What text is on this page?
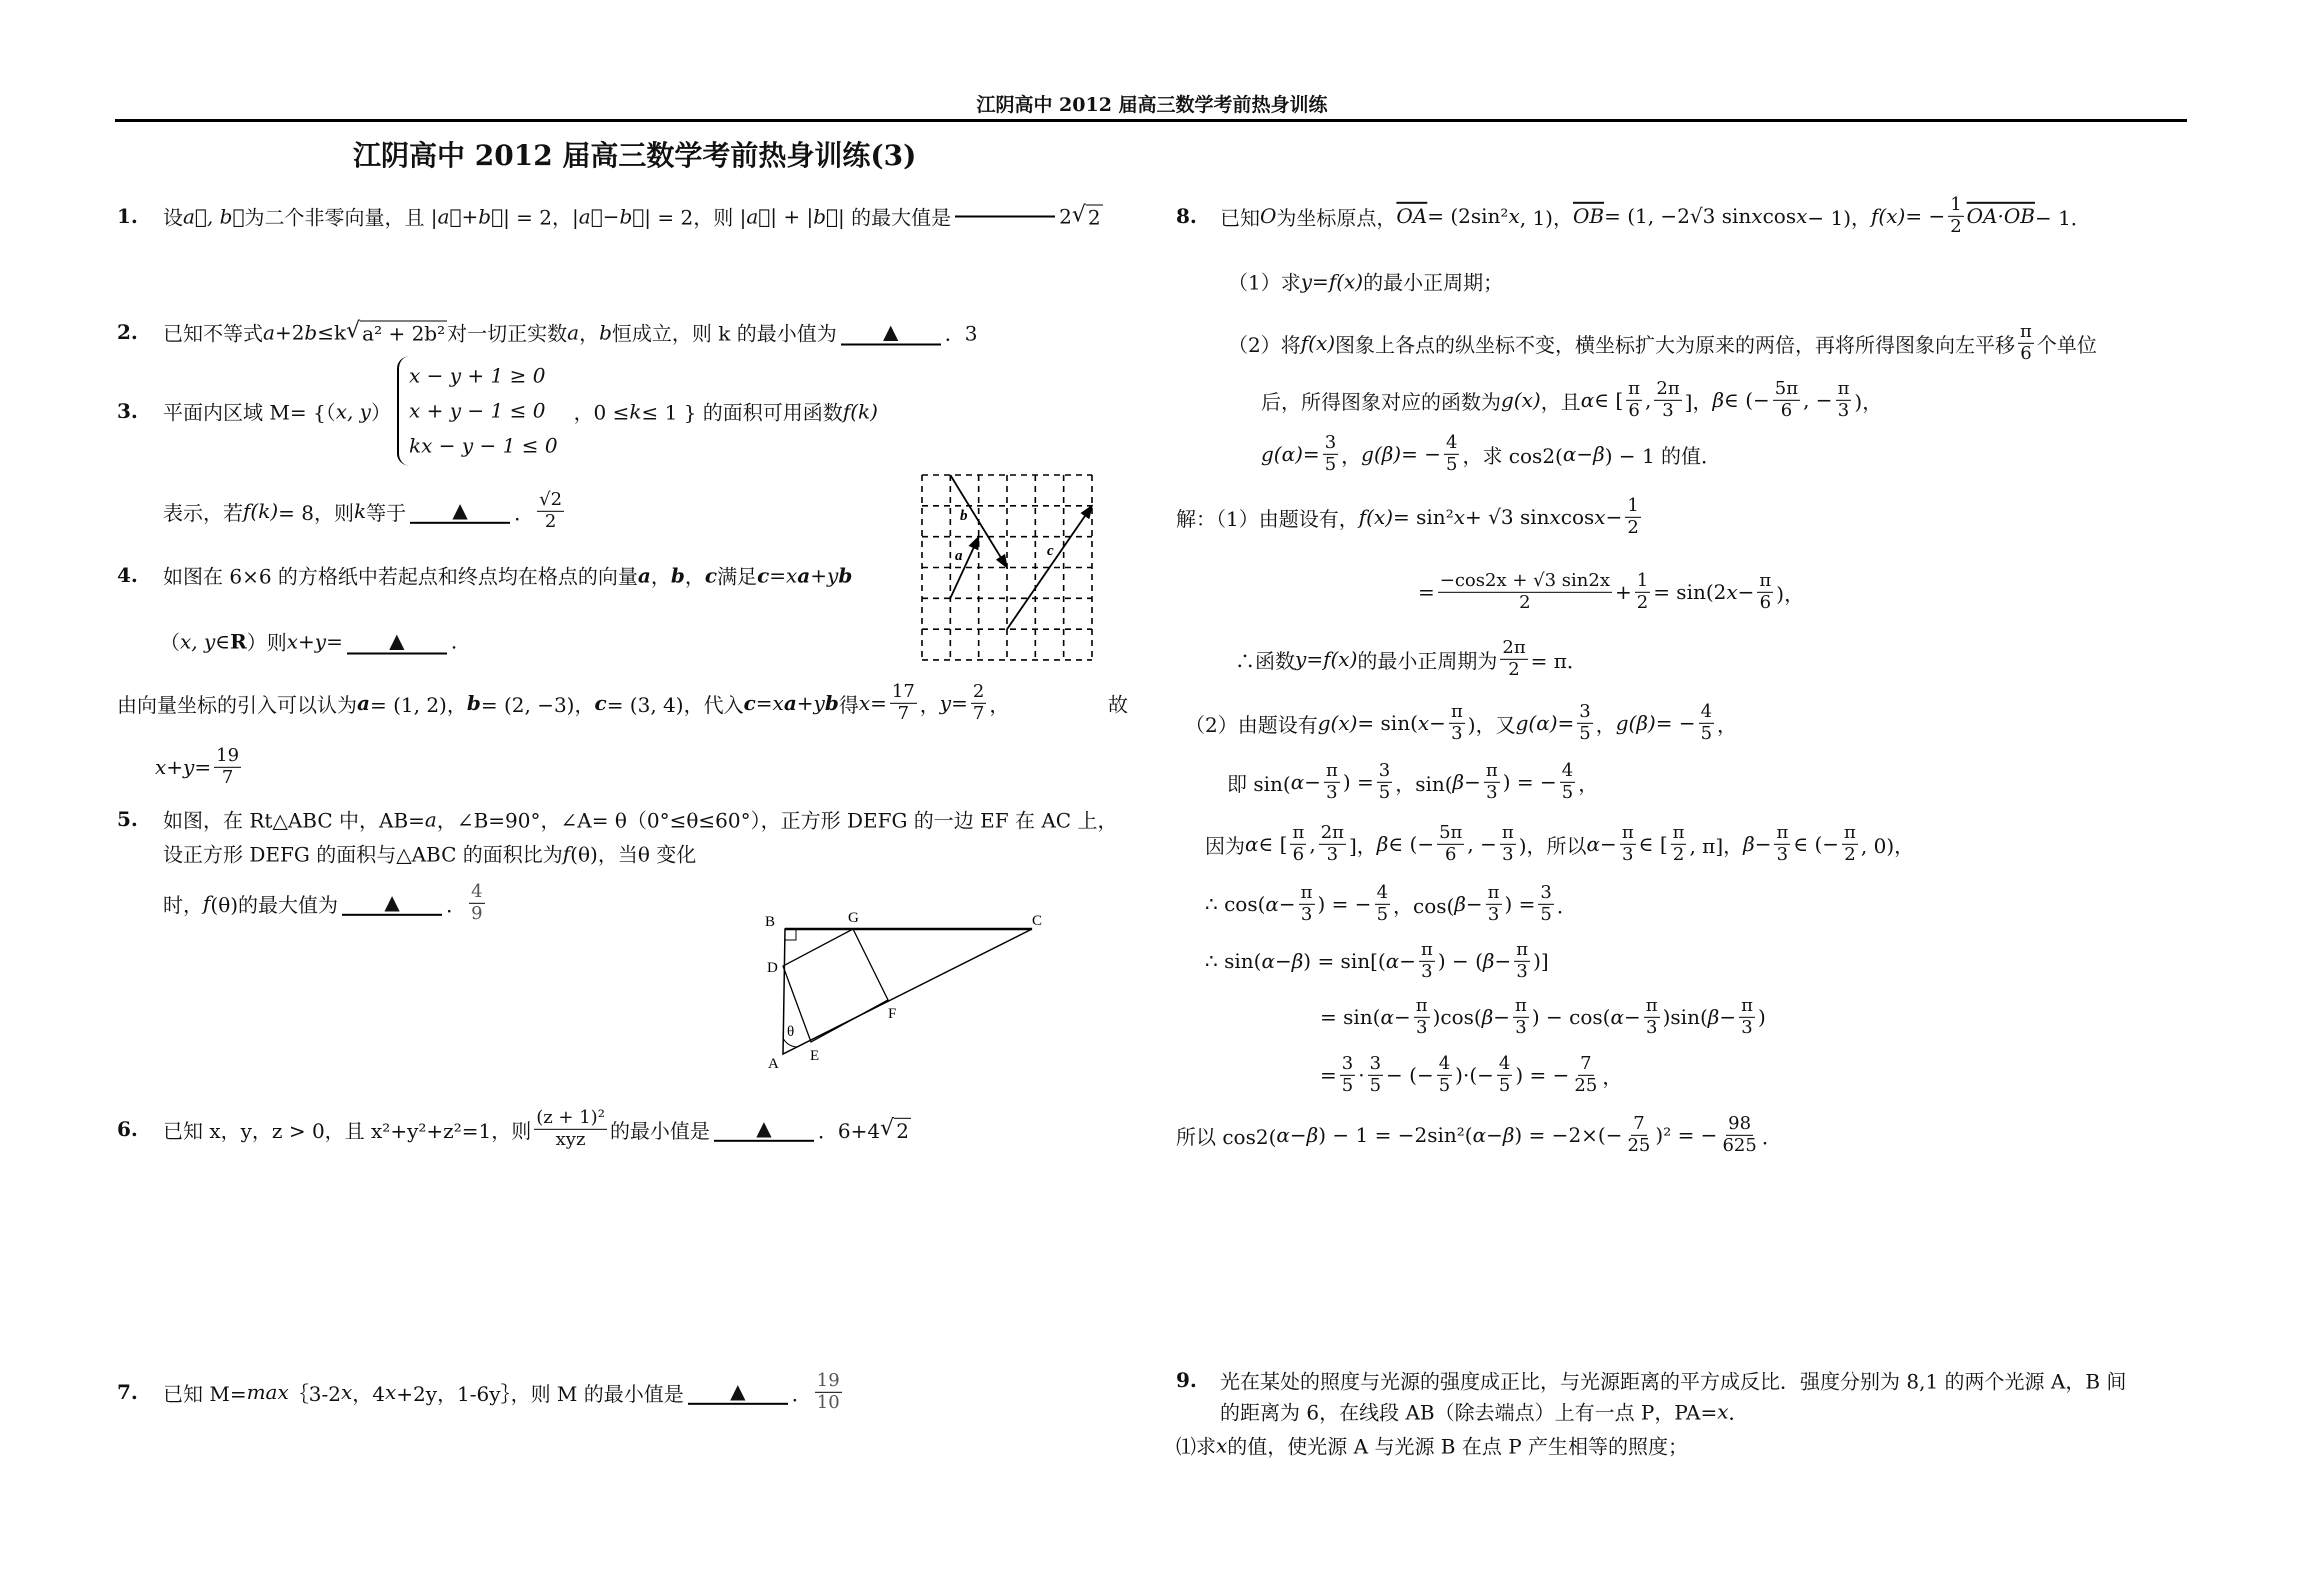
江阴高中 2012 届高三数学考前热身训练
江阴高中 2012 届高三数学考前热身训练(3)
1. 设 a⃗, b⃗ 为二个非零向量，且 | a⃗ + b⃗ | = 2，| a⃗ − b⃗ | = 2，则 | a⃗ | + | b⃗ | 的最大值是	2 √ 2
2. 已知不等式 a +2 b ≤k √ a² + 2b² 对一切正实数 a ， b 恒成立，则 k 的最小值为	▲	．3
3. 平面内区域 M= {（ x, y ）
x − y + 1 ≥ 0
x + y − 1 ≤ 0
kx − y − 1 ≤ 0
，0 ≤ k ≤ 1 } 的面积可用函数 f(k)
表示，若 f(k) = 8，则 k 等于	▲	． $\frac{√2}{2}$
4. 如图在 6×6 的方格纸中若起点和终点均在格点的向量 a ， b ， c 满足 c = x a + y b
（ x, y ∈ R ）则 x + y =	▲	.
由向量坐标的引入可以认为 a = (1, 2)， b = (2, −3)， c = (3, 4)，代入 c = x a + y b 得 $x = \frac{17}{7}$ ， $y = \frac{2}{7}$ ，	故
$x + y = \frac{19}{7}$
a
b
c
5. 如图，在 Rt△ABC 中，AB= a ，∠B=90°，∠A= θ（0°≤θ≤60°），正方形 DEFG 的一边 EF 在 AC 上，
设正方形 DEFG 的面积与△ABC 的面积比为 f (θ)，当θ 变化
时， f (θ)的最大值为	▲	． $\frac{4}{9}$	B	G	C
D
F
θ
E
A
6. 已知 x，y，z > 0，且 x²+y²+z²=1，则
(z + 1)²
xyz 的最小值是	▲	．6+4 √ 2
7. 已知 M= max ｛3-2 x ，4 x +2y，1-6y｝，则 M 的最小值是	▲	． $\frac{19}{10}$
8. 已知 O 为坐标原点， $\overline{OA} = (2\sin^2$ x , 1)， $\overline{OB} = (1$, −2√3 sin x cos x − 1)， f(x) = − $\frac{1}{2} OA\cdot OB - 1$．
（1）求 y = f(x) 的最小正周期；
（2）将 f(x) 图象上各点的纵坐标不变，横坐标扩大为原来的两倍，再将所得图象向左平移 $\frac{\pi}{6}$ 个单位
后，所得图象对应的函数为 g(x) ，且 α ∈ [ $\frac{\pi}{6}$ , $\frac{2\pi}{3}$ ]， β ∈ (− $\frac{5\pi}{6}$ , − $\frac{\pi}{3}$ )，
$g(\alpha) = \frac{3}{5}$ ， g(β) = − $\frac{4}{5}$ ，求 cos2( α − β ) − 1 的值．
解：（1）由题设有， f(x) = sin² x + √3 sin x $\cos x - \frac{1}{2}$
= $\frac{-\cos 2x + √3 \sin 2x}{2} + \frac{1}{2} = \sin(2$ $x - \frac{\pi}{6}$ )，
∴函数 y = f(x) 的最小正周期为 $\frac{2\pi}{2} = \pi$．
（2）由题设有 g(x) = sin( $x - \frac{\pi}{3}$ )，又 $g(\alpha) = \frac{3}{5}$ ， g(β) = − $\frac{4}{5}$ ，
即 sin( $\alpha - \frac{\pi}{3}$ ) = $\frac{3}{5}$ ，sin( $\beta - \frac{\pi}{3}$ ) = − $\frac{4}{5}$ ，
因为 α ∈ [ $\frac{\pi}{6}$ , $\frac{2\pi}{3}$ ]， β ∈ (− $\frac{5\pi}{6}$ , − $\frac{\pi}{3}$ )，所以 $\alpha - \frac{\pi}{3}$ ∈ [ $\frac{\pi}{2}$ , π]， $\beta - \frac{\pi}{3}$ ∈ (− $\frac{\pi}{2}$ , 0)，
∴ cos( $\alpha - \frac{\pi}{3}$ ) = − $\frac{4}{5}$ ，cos( $\beta - \frac{\pi}{3}$ ) = $\frac{3}{5}$ ．
∴ sin( α − β ) = sin[( $\alpha - \frac{\pi}{3}$ ) − ( $\beta - \frac{\pi}{3}$ )]
= sin( $\alpha - \frac{\pi}{3} )\cos$( $\beta - \frac{\pi}{3}$ ) − cos( $\alpha - \frac{\pi}{3} )\sin$( $\beta - \frac{\pi}{3}$ )
= $\frac{3}{5} \cdot \frac{3}{5}$ − (− $\frac{4}{5}$ )·(− $\frac{4}{5}$ ) = − $\frac{7}{25}$ ，
所以 cos2( α − β ) − 1 = −2sin²( α − β ) = $-2\times(- \frac{7}{25} )^2$ = − $\frac{98}{625}$ ．
9. 光在某处的照度与光源的强度成正比，与光源距离的平方成反比．强度分别为 8,1 的两个光源 A，B 间
的距离为 6，在线段 AB（除去端点）上有一点 P，PA= x ．
⑴求 x 的值，使光源 A 与光源 B 在点 P 产生相等的照度；
